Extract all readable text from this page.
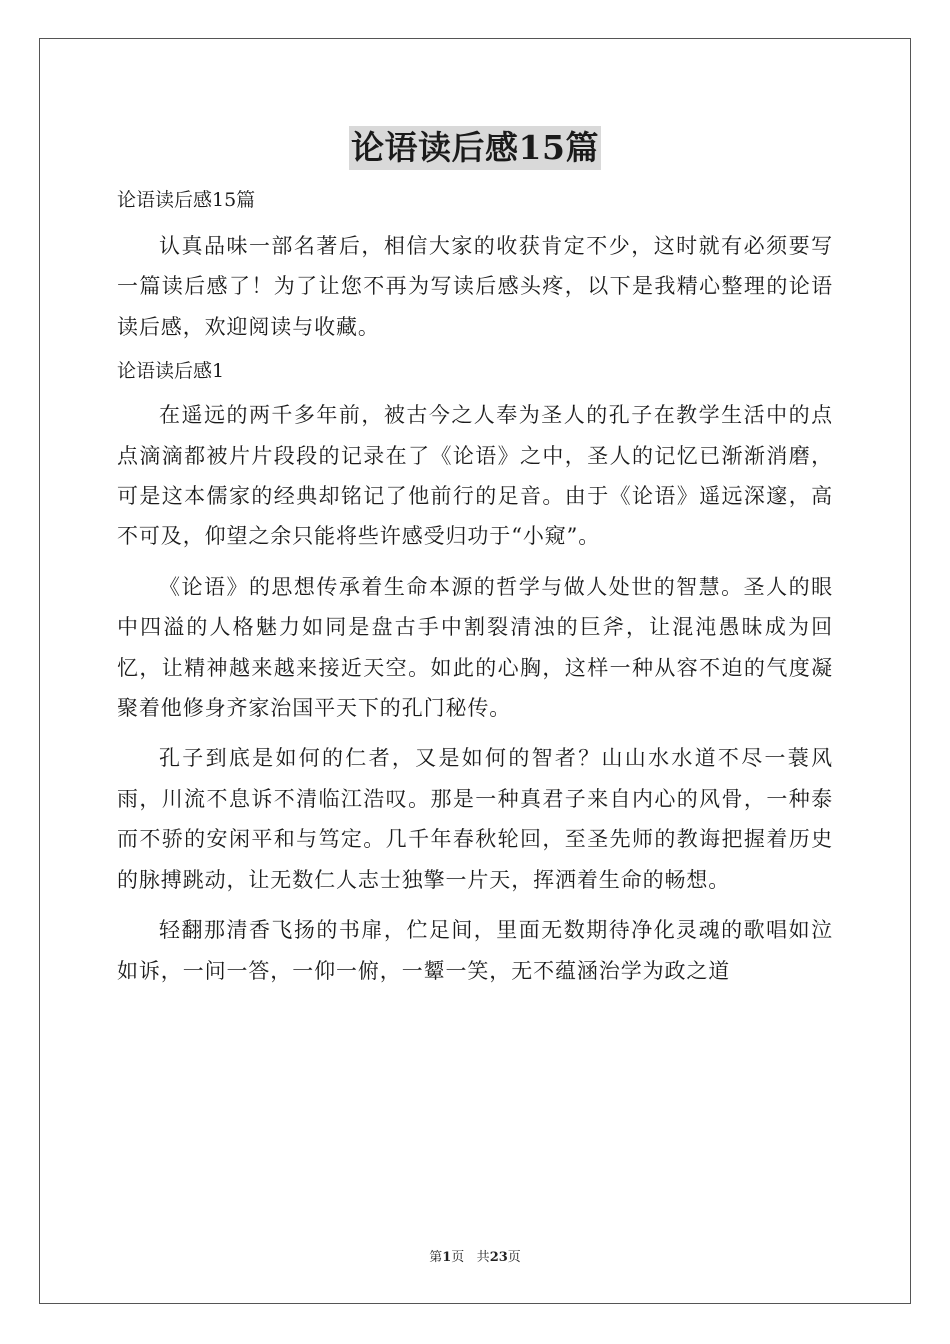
论语读后感15篇

论语读后感15篇

认真品味一部名著后，相信大家的收获肯定不少，这时就有必须要写一篇读后感了！为了让您不再为写读后感头疼，以下是我精心整理的论语读后感，欢迎阅读与收藏。

论语读后感1

在遥远的两千多年前，被古今之人奉为圣人的孔子在教学生活中的点点滴滴都被片片段段的记录在了《论语》之中，圣人的记忆已渐渐消磨，可是这本儒家的经典却铭记了他前行的足音。由于《论语》遥远深邃，高不可及，仰望之余只能将些许感受归功于“小窥”。

《论语》的思想传承着生命本源的哲学与做人处世的智慧。圣人的眼中四溢的人格魅力如同是盘古手中割裂清浊的巨斧，让混沌愚昧成为回忆，让精神越来越来接近天空。如此的心胸，这样一种从容不迫的气度凝聚着他修身齐家治国平天下的孔门秘传。

孔子到底是如何的仁者，又是如何的智者？山山水水道不尽一蓑风雨，川流不息诉不清临江浩叹。那是一种真君子来自内心的风骨，一种泰而不骄的安闲平和与笃定。几千年春秋轮回，至圣先师的教诲把握着历史的脉搏跳动，让无数仁人志士独擎一片天，挥洒着生命的畅想。

轻翻那清香飞扬的书扉，伫足间，里面无数期待净化灵魂的歌唱如泣如诉，一问一答，一仰一俯，一颦一笑，无不蕴涵治学为政之道

第1页 共23页
